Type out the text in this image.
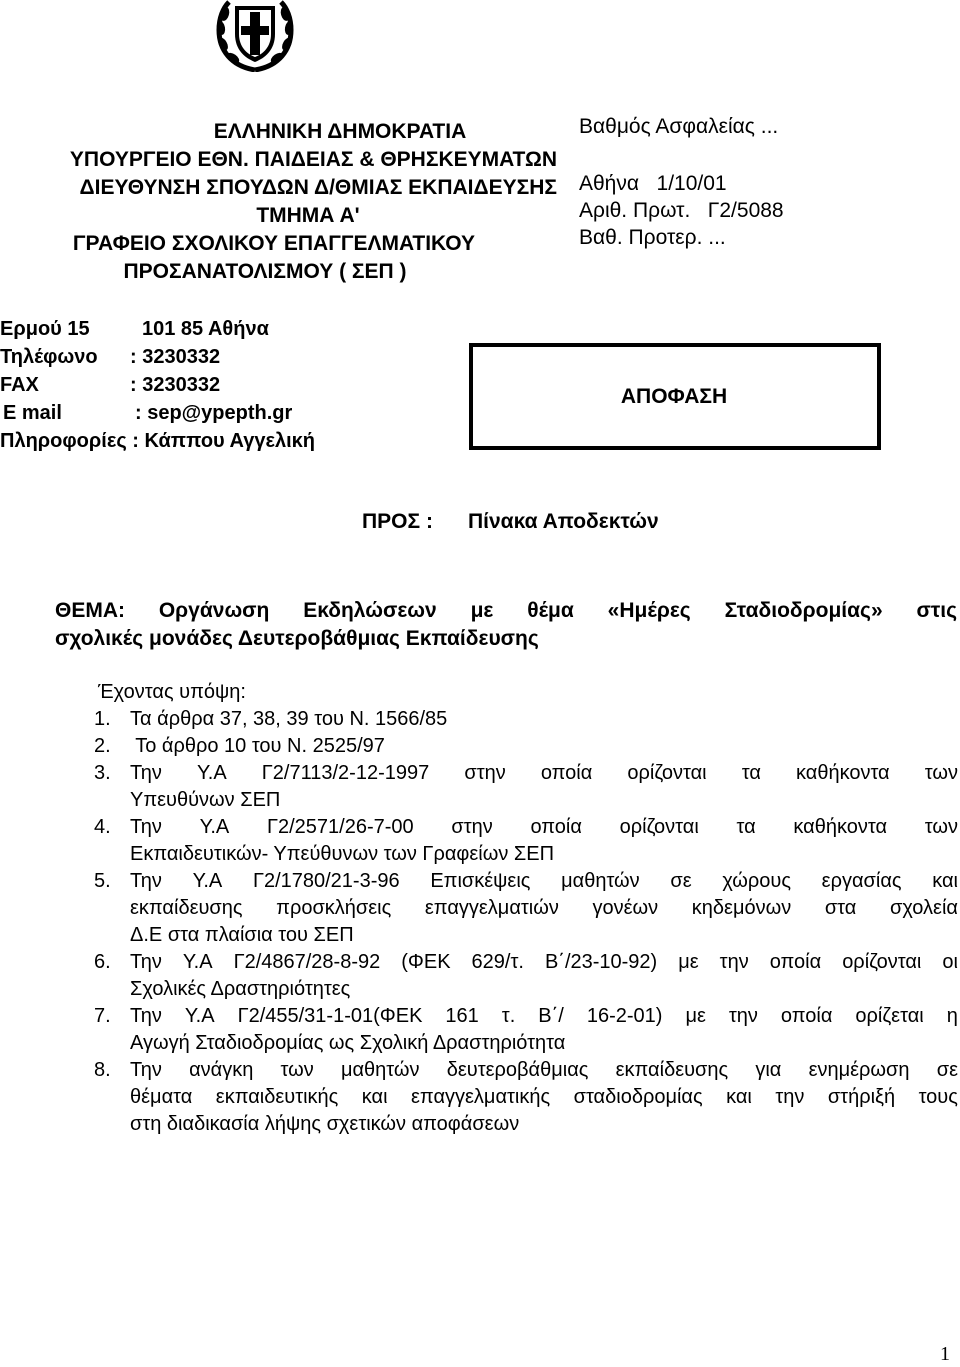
ΕΛΛΗΝΙΚΗ ΔΗΜΟΚΡΑΤΙΑ
ΥΠΟΥΡΓΕΙΟ ΕΘΝ. ΠΑΙΔΕΙΑΣ & ΘΡΗΣΚΕΥΜΑΤΩΝ
ΔΙΕΥΘΥΝΣΗ ΣΠΟΥΔΩΝ Δ/ΘΜΙΑΣ ΕΚΠΑΙΔΕΥΣΗΣ
ΤΜΗΜΑ Α'
ΓΡΑΦΕΙΟ ΣΧΟΛΙΚΟΥ ΕΠΑΓΓΕΛΜΑΤΙΚΟΥ
ΠΡΟΣΑΝΑΤΟΛΙΣΜΟΥ ( ΣΕΠ )
Βαθμός Ασφαλείας ...
Αθήνα   1/10/01
Αριθ. Πρωτ.   Γ2/5088
Βαθ. Προτερ. ...
Ερμού 15	101 85 Αθήνα
Τηλέφωνο	: 3230332
FAX	: 3230332
E mail	: sep@ypepth.gr
Πληροφορίες : Κάππου Αγγελική
ΑΠΟΦΑΣΗ
ΠΡΟΣ : Πίνακα Αποδεκτών
ΘΕΜΑ: Οργάνωση Εκδηλώσεων με θέμα «Ημέρες Σταδιοδρομίας» στις
σχολικές μονάδες Δευτεροβάθμιας Εκπαίδευσης
Έχοντας υπόψη:
1. Τα άρθρα 37, 38, 39 του Ν. 1566/85
2. Το άρθρο 10 του Ν. 2525/97
3. Την Υ.Α Γ2/7113/2-12-1997 στην οποία ορίζονται τα καθήκοντα των
Υπευθύνων ΣΕΠ
4. Την Υ.Α Γ2/2571/26-7-00 στην οποία ορίζονται τα καθήκοντα των
Εκπαιδευτικών- Υπεύθυνων των Γραφείων ΣΕΠ
5. Την Υ.Α Γ2/1780/21-3-96 Επισκέψεις μαθητών σε χώρους εργασίας και
εκπαίδευσης προσκλήσεις επαγγελματιών γονέων κηδεμόνων στα σχολεία
Δ.Ε στα πλαίσια του ΣΕΠ
6. Την Υ.Α Γ2/4867/28-8-92 (ΦΕΚ 629/τ. Β΄/23-10-92) με την οποία ορίζονται οι
Σχολικές Δραστηριότητες
7. Την Υ.Α Γ2/455/31-1-01(ΦΕΚ 161 τ. Β΄/ 16-2-01) με την οποία ορίζεται η
Αγωγή Σταδιοδρομίας ως Σχολική Δραστηριότητα
8. Την ανάγκη των μαθητών δευτεροβάθμιας εκπαίδευσης για ενημέρωση σε
θέματα εκπαιδευτικής και επαγγελματικής σταδιοδρομίας και την στήριξή τους
στη διαδικασία λήψης σχετικών αποφάσεων
1
